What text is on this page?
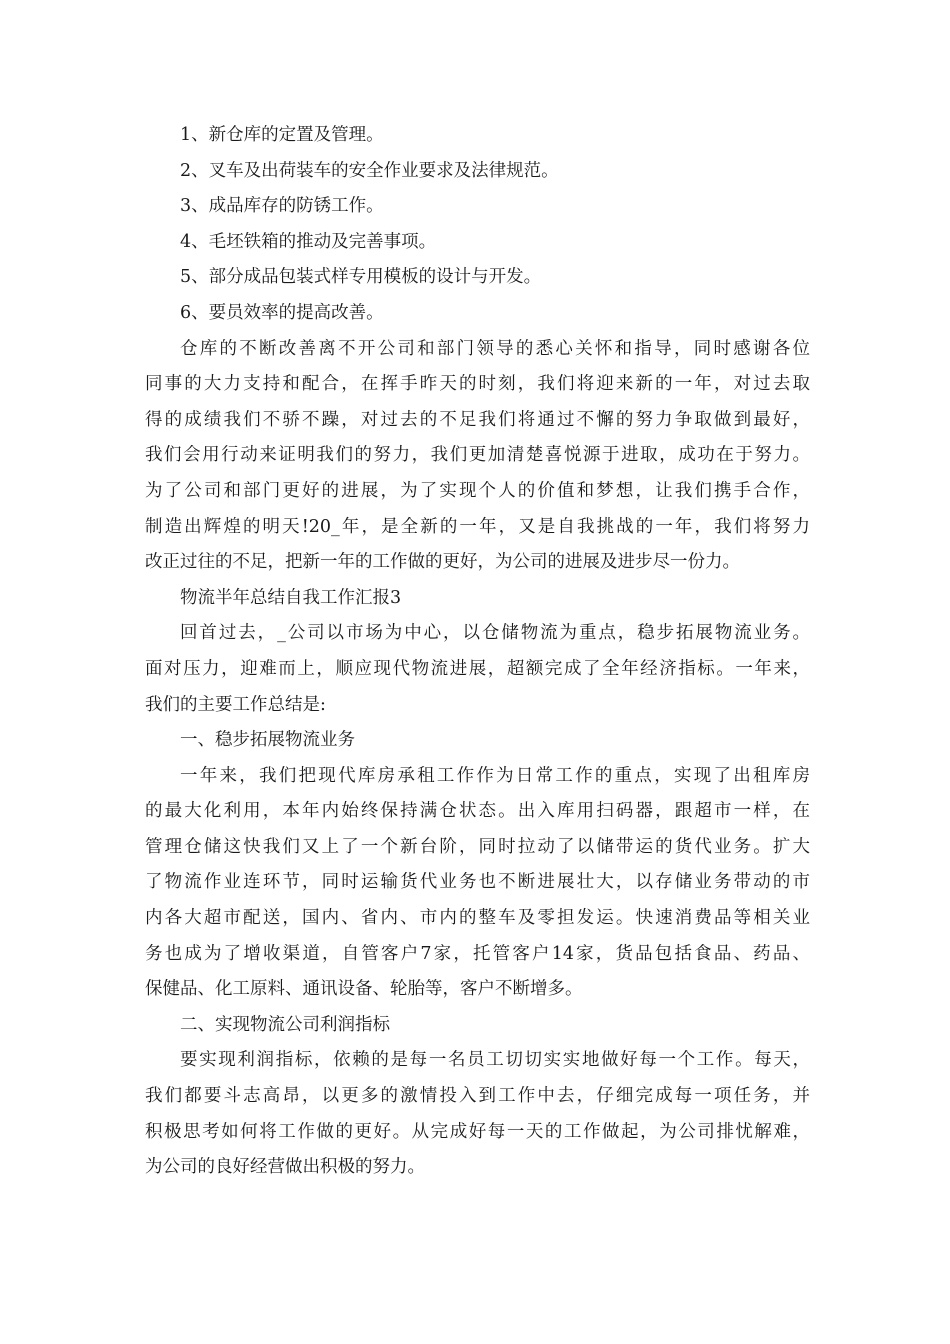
1、新仓库的定置及管理。

2、叉车及出荷装车的安全作业要求及法律规范。

3、成品库存的防锈工作。

4、毛坯铁箱的推动及完善事项。

5、部分成品包装式样专用模板的设计与开发。

6、要员效率的提高改善。

仓库的不断改善离不开公司和部门领导的悉心关怀和指导，同时感谢各位

同事的大力支持和配合，在挥手昨天的时刻，我们将迎来新的一年，对过去取

得的成绩我们不骄不躁，对过去的不足我们将通过不懈的努力争取做到最好，

我们会用行动来证明我们的努力，我们更加清楚喜悦源于进取，成功在于努力。

为了公司和部门更好的进展，为了实现个人的价值和梦想，让我们携手合作，

制造出辉煌的明天!20_年，是全新的一年，又是自我挑战的一年，我们将努力

改正过往的不足，把新一年的工作做的更好，为公司的进展及进步尽一份力。

物流半年总结自我工作汇报3

回首过去，_公司以市场为中心，以仓储物流为重点，稳步拓展物流业务。

面对压力，迎难而上，顺应现代物流进展，超额完成了全年经济指标。一年来，

我们的主要工作总结是:

一、稳步拓展物流业务

一年来，我们把现代库房承租工作作为日常工作的重点，实现了出租库房

的最大化利用，本年内始终保持满仓状态。出入库用扫码器，跟超市一样，在

管理仓储这快我们又上了一个新台阶，同时拉动了以储带运的货代业务。扩大

了物流作业连环节，同时运输货代业务也不断进展壮大，以存储业务带动的市

内各大超市配送，国内、省内、市内的整车及零担发运。快速消费品等相关业

务也成为了增收渠道，自管客户7家，托管客户14家，货品包括食品、药品、

保健品、化工原料、通讯设备、轮胎等，客户不断增多。

二、实现物流公司利润指标

要实现利润指标，依赖的是每一名员工切切实实地做好每一个工作。每天，

我们都要斗志高昂，以更多的激情投入到工作中去，仔细完成每一项任务，并

积极思考如何将工作做的更好。从完成好每一天的工作做起，为公司排忧解难，

为公司的良好经营做出积极的努力。
